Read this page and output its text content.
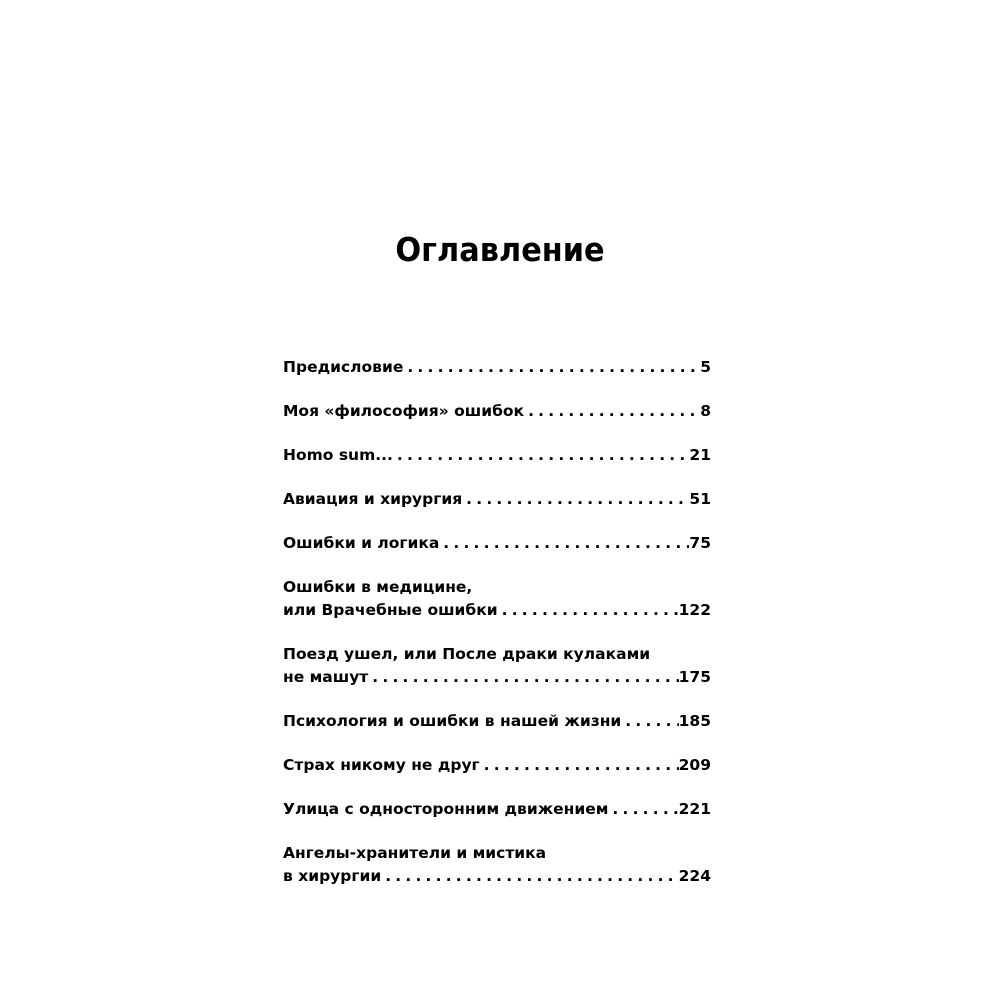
Оглавление
Предисловие .....	5
Моя «философия» ошибок .....	8
Homo sum... .....	21
Авиация и хирургия .....	51
Ошибки и логика .....	75
Ошибки в медицине,
или Врачебные ошибки .....	122
Поезд ушел, или После драки кулаками
не машут .....	175
Психология и ошибки в нашей жизни .....	185
Страх никому не друг .....	209
Улица с односторонним движением .....	221
Ангелы-хранители и мистика
в хирургии .....	224
